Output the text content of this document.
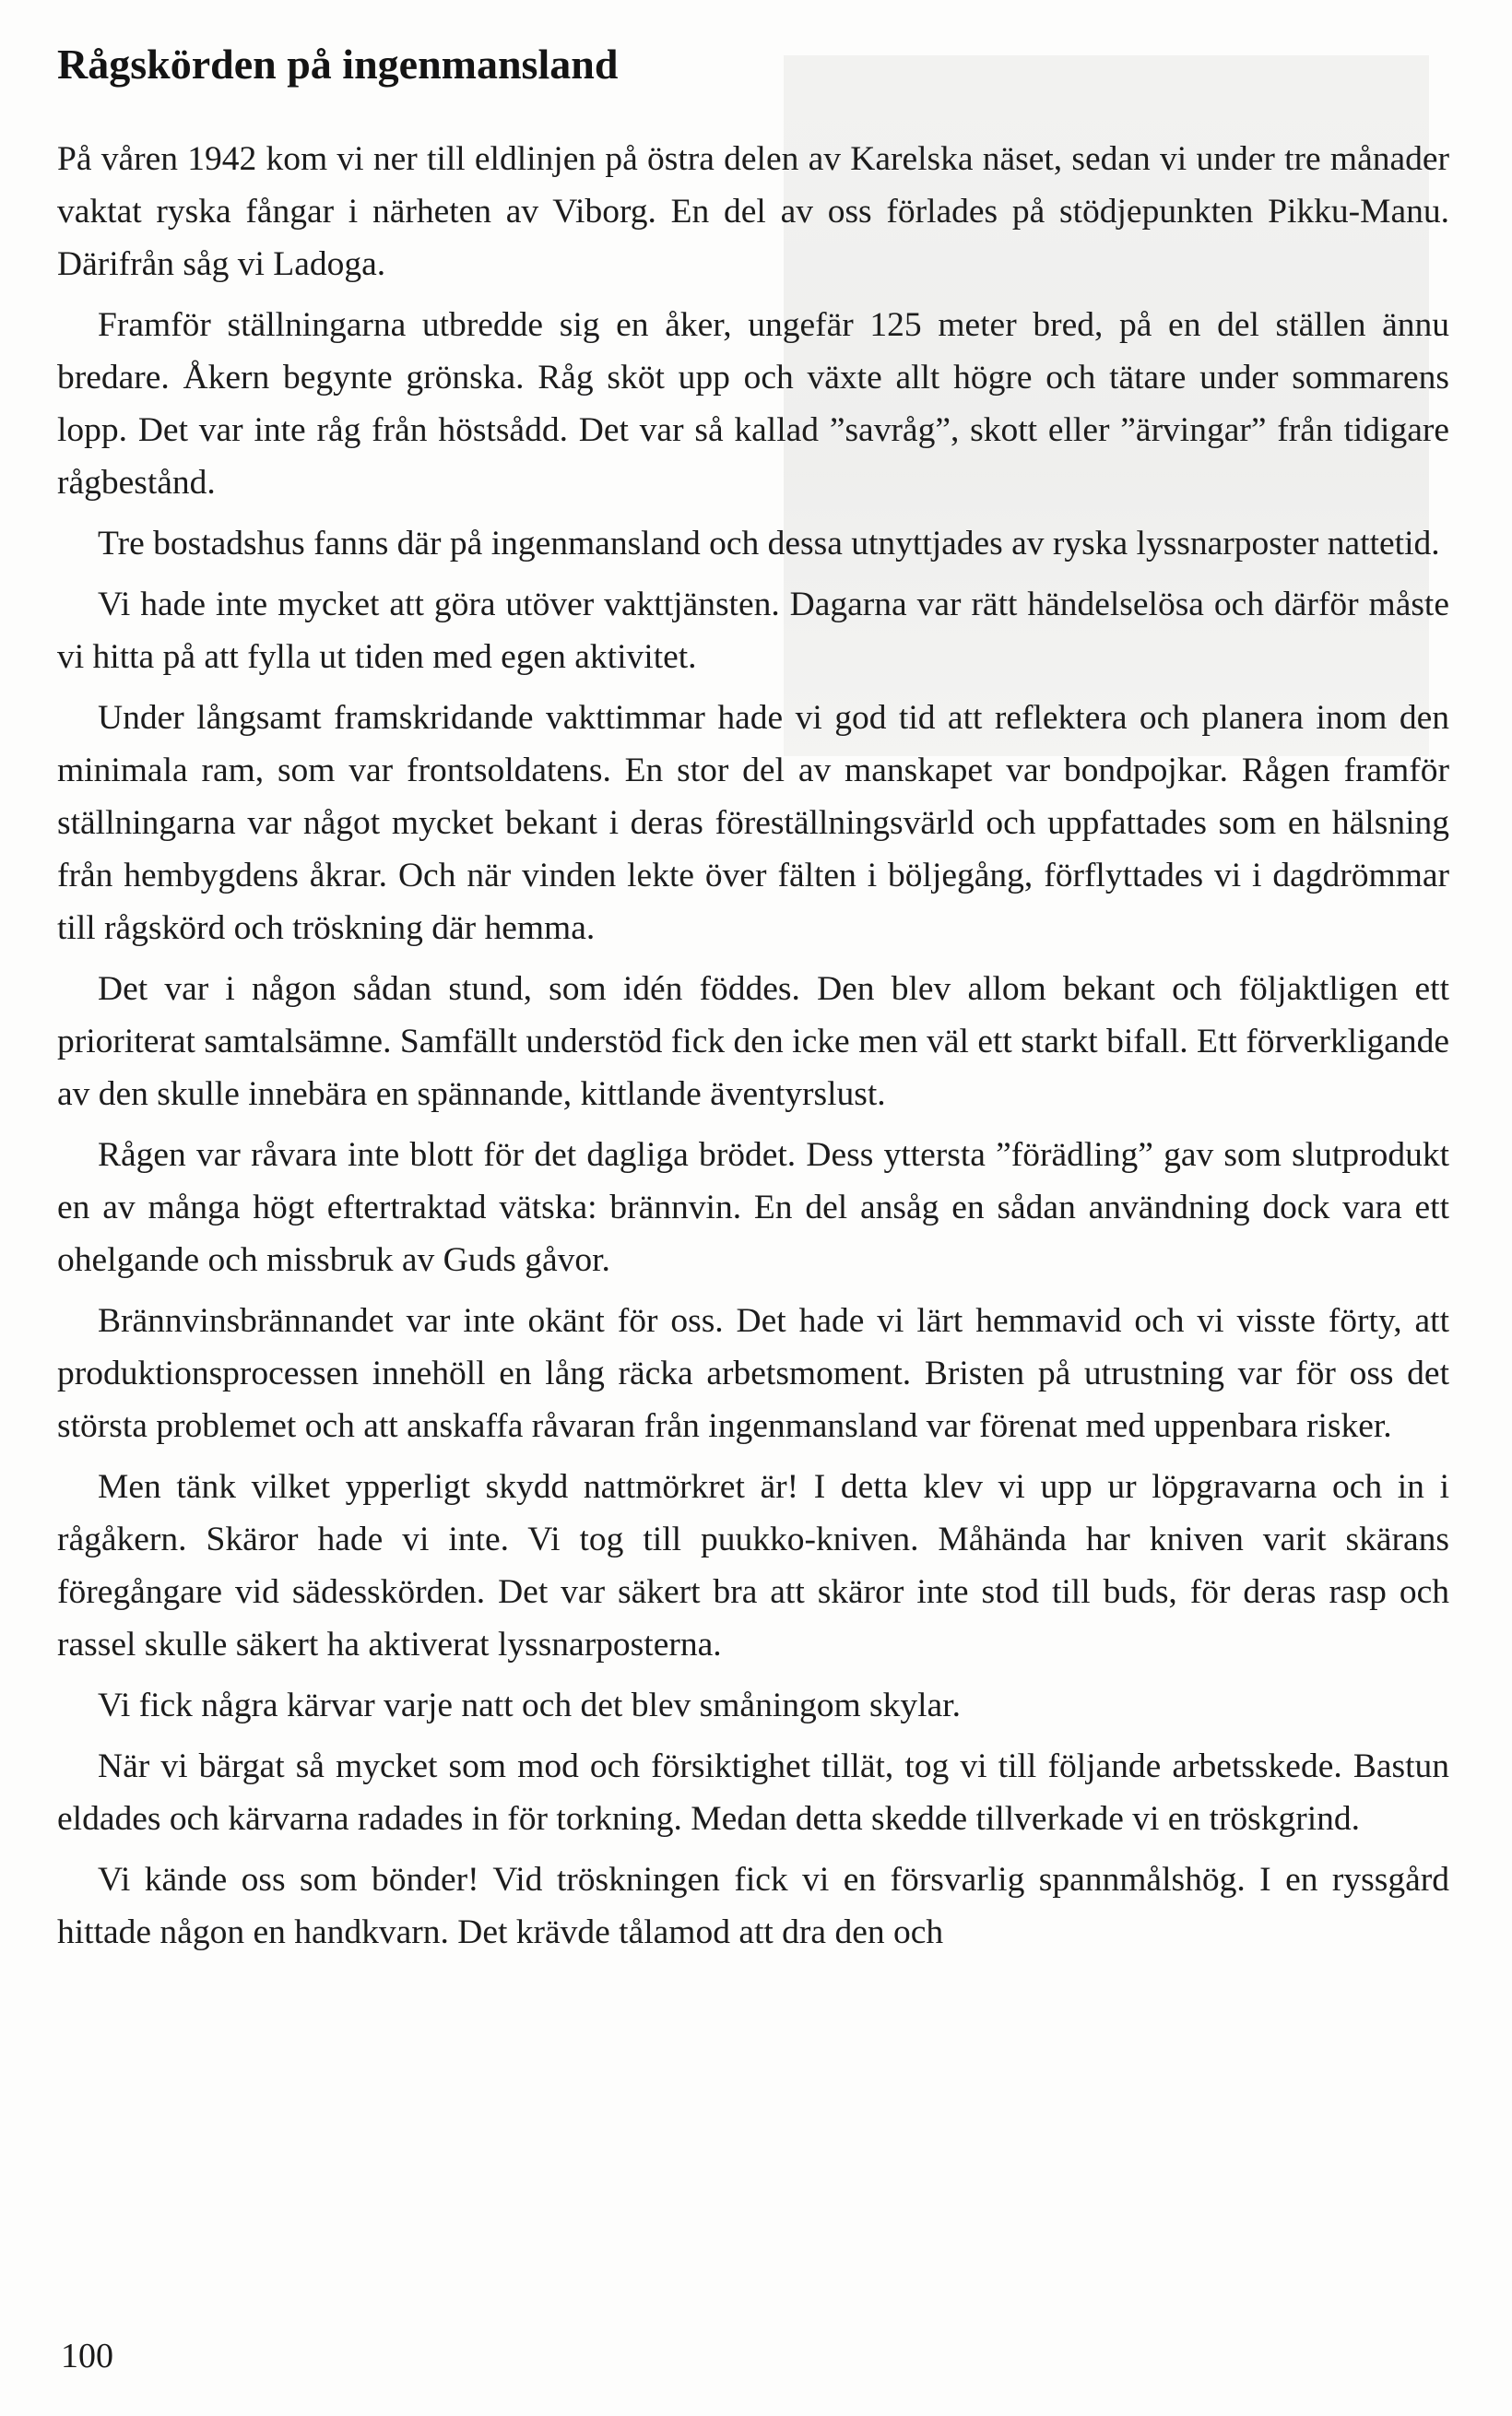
Rågskörden på ingenmansland

På våren 1942 kom vi ner till eldlinjen på östra delen av Karelska näset, sedan vi under tre månader vaktat ryska fångar i närheten av Viborg. En del av oss förlades på stödjepunkten Pikku-Manu. Därifrån såg vi Ladoga.

Framför ställningarna utbredde sig en åker, ungefär 125 meter bred, på en del ställen ännu bredare. Åkern begynte grönska. Råg sköt upp och växte allt högre och tätare under sommarens lopp. Det var inte råg från höstsådd. Det var så kallad ”savråg”, skott eller ”ärvingar” från tidigare rågbestånd.

Tre bostadshus fanns där på ingenmansland och dessa utnyttjades av ryska lyssnarposter nattetid.

Vi hade inte mycket att göra utöver vakttjänsten. Dagarna var rätt händelselösa och därför måste vi hitta på att fylla ut tiden med egen aktivitet.

Under långsamt framskridande vakttimmar hade vi god tid att reflektera och planera inom den minimala ram, som var frontsoldatens. En stor del av manskapet var bondpojkar. Rågen framför ställningarna var något mycket bekant i deras föreställningsvärld och uppfattades som en hälsning från hembygdens åkrar. Och när vinden lekte över fälten i böljegång, förflyttades vi i dagdrömmar till rågskörd och tröskning där hemma.

Det var i någon sådan stund, som idén föddes. Den blev allom bekant och följaktligen ett prioriterat samtalsämne. Samfällt understöd fick den icke men väl ett starkt bifall. Ett förverkligande av den skulle innebära en spännande, kittlande äventyrslust.

Rågen var råvara inte blott för det dagliga brödet. Dess yttersta ”förädling” gav som slutprodukt en av många högt eftertraktad vätska: brännvin. En del ansåg en sådan användning dock vara ett ohelgande och missbruk av Guds gåvor.

Brännvinsbrännandet var inte okänt för oss. Det hade vi lärt hemmavid och vi visste förty, att produktionsprocessen innehöll en lång räcka arbetsmoment. Bristen på utrustning var för oss det största problemet och att anskaffa råvaran från ingenmansland var förenat med uppenbara risker.

Men tänk vilket ypperligt skydd nattmörkret är! I detta klev vi upp ur löpgravarna och in i rågåkern. Skäror hade vi inte. Vi tog till puukko-kniven. Måhända har kniven varit skärans föregångare vid sädesskörden. Det var säkert bra att skäror inte stod till buds, för deras rasp och rassel skulle säkert ha aktiverat lyssnarposterna.

Vi fick några kärvar varje natt och det blev småningom skylar.

När vi bärgat så mycket som mod och försiktighet tillät, tog vi till följande arbetsskede. Bastun eldades och kärvarna radades in för torkning. Medan detta skedde tillverkade vi en tröskgrind.

Vi kände oss som bönder! Vid tröskningen fick vi en försvarlig spannmålshög. I en ryssgård hittade någon en handkvarn. Det krävde tålamod att dra den och

100
